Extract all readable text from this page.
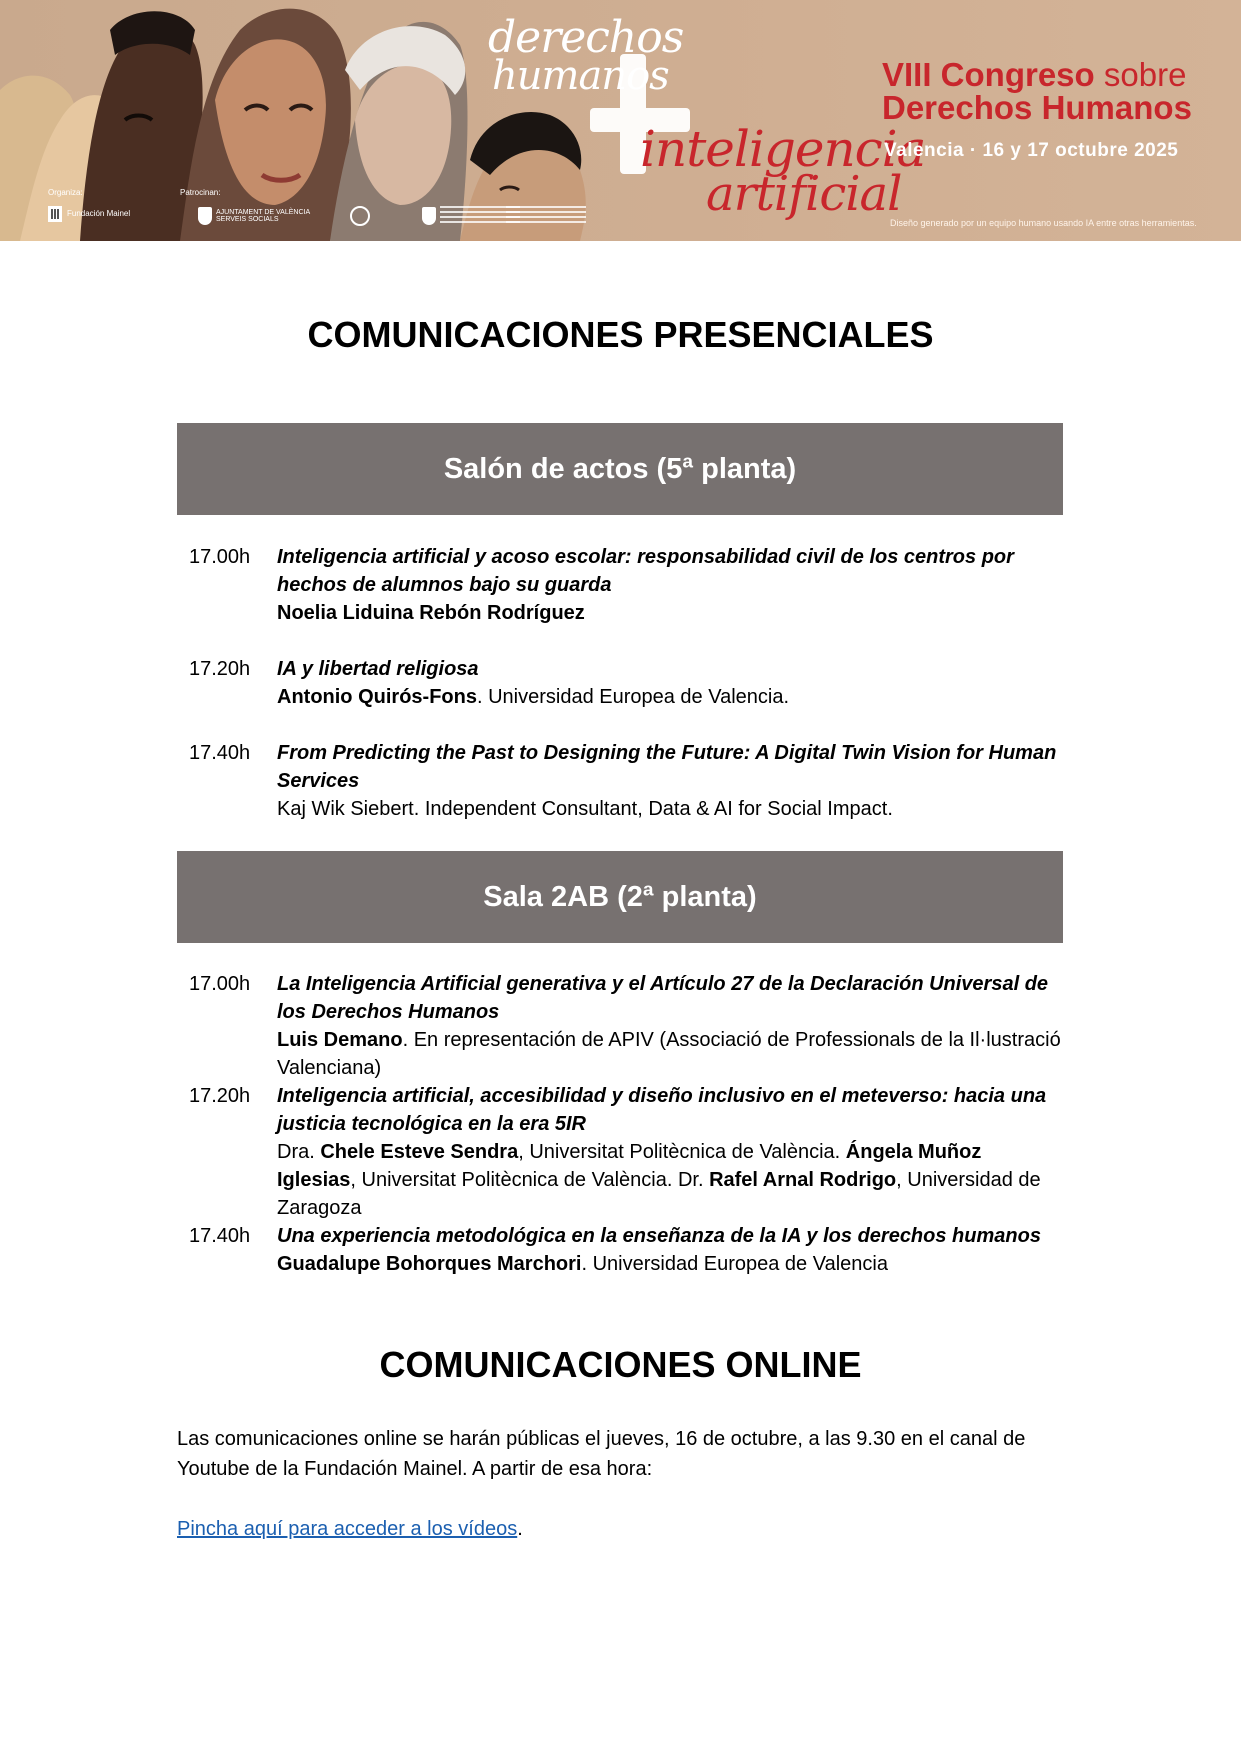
derechos
humanos
inteligencia
artificial
VIII Congreso sobre
Derechos Humanos
Valencia · 16 y 17 octubre 2025
Diseño generado por un equipo humano usando IA entre otras herramientas.
Organiza:
Fundación Mainel
Patrocinan:
AJUNTAMENT DE VALÈNCIA
SERVEIS SOCIALS
COMUNICACIONES PRESENCIALES
Salón de actos (5ª planta)
17.00h Inteligencia artificial y acoso escolar: responsabilidad civil de los centros por hechos de alumnos bajo su guarda
Noelia Liduina Rebón Rodríguez
17.20h IA y libertad religiosa
Antonio Quirós-Fons. Universidad Europea de Valencia.
17.40h From Predicting the Past to Designing the Future: A Digital Twin Vision for Human Services
Kaj Wik Siebert. Independent Consultant, Data & AI for Social Impact.
Sala 2AB (2ª planta)
17.00h La Inteligencia Artificial generativa y el Artículo 27 de la Declaración Universal de los Derechos Humanos
Luis Demano. En representación de APIV (Associació de Professionals de la Il·lustració Valenciana)
17.20h Inteligencia artificial, accesibilidad y diseño inclusivo en el meteverso: hacia una justicia tecnológica en la era 5IR
Dra. Chele Esteve Sendra, Universitat Politècnica de València. Ángela Muñoz Iglesias, Universitat Politècnica de València. Dr. Rafel Arnal Rodrigo, Universidad de Zaragoza
17.40h Una experiencia metodológica en la enseñanza de la IA y los derechos humanos
Guadalupe Bohorques Marchori. Universidad Europea de Valencia
COMUNICACIONES ONLINE

Las comunicaciones online se harán públicas el jueves, 16 de octubre, a las 9.30 en el canal de Youtube de la Fundación Mainel. A partir de esa hora:

Pincha aquí para acceder a los vídeos.
